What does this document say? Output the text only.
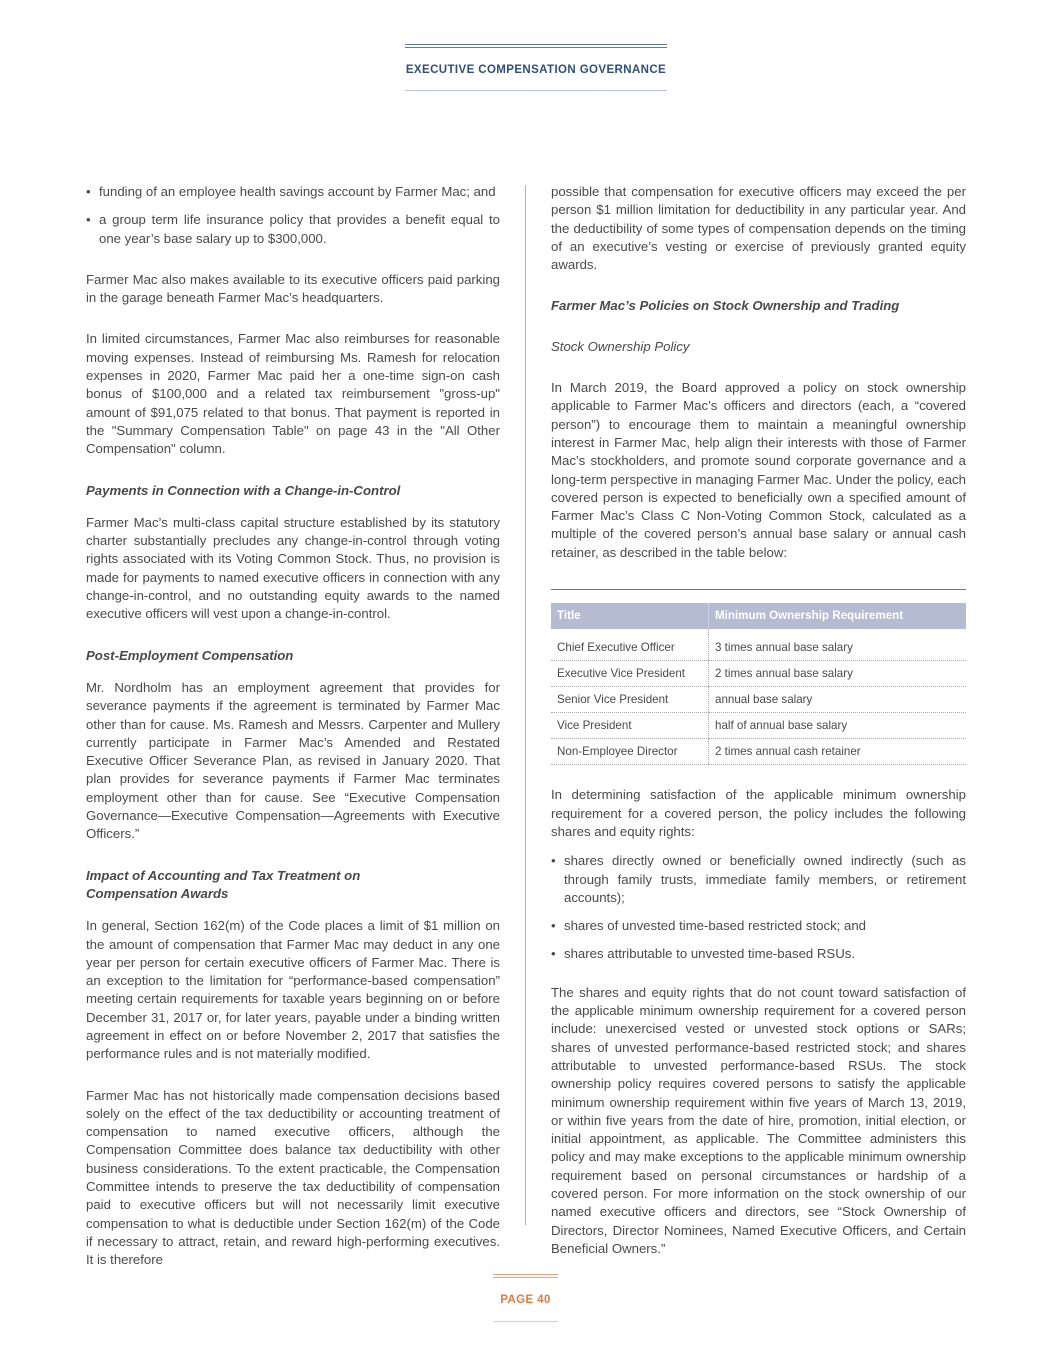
EXECUTIVE COMPENSATION GOVERNANCE
• funding of an employee health savings account by Farmer Mac; and
• a group term life insurance policy that provides a benefit equal to one year’s base salary up to $300,000.

Farmer Mac also makes available to its executive officers paid parking in the garage beneath Farmer Mac’s headquarters.

In limited circumstances, Farmer Mac also reimburses for reasonable moving expenses. Instead of reimbursing Ms. Ramesh for relocation expenses in 2020, Farmer Mac paid her a one-time sign-on cash bonus of $100,000 and a related tax reimbursement "gross-up" amount of $91,075 related to that bonus. That payment is reported in the "Summary Compensation Table" on page 43 in the "All Other Compensation" column.

Payments in Connection with a Change-in-Control

Farmer Mac’s multi-class capital structure established by its statutory charter substantially precludes any change-in-control through voting rights associated with its Voting Common Stock. Thus, no provision is made for payments to named executive officers in connection with any change-in-control, and no outstanding equity awards to the named executive officers will vest upon a change-in-control.

Post-Employment Compensation

Mr. Nordholm has an employment agreement that provides for severance payments if the agreement is terminated by Farmer Mac other than for cause. Ms. Ramesh and Messrs. Carpenter and Mullery currently participate in Farmer Mac’s Amended and Restated Executive Officer Severance Plan, as revised in January 2020. That plan provides for severance payments if Farmer Mac terminates employment other than for cause. See “Executive Compensation Governance—Executive Compensation—Agreements with Executive Officers.”

Impact of Accounting and Tax Treatment on
Compensation Awards

In general, Section 162(m) of the Code places a limit of $1 million on the amount of compensation that Farmer Mac may deduct in any one year per person for certain executive officers of Farmer Mac. There is an exception to the limitation for “performance-based compensation” meeting certain requirements for taxable years beginning on or before December 31, 2017 or, for later years, payable under a binding written agreement in effect on or before November 2, 2017 that satisfies the performance rules and is not materially modified.

Farmer Mac has not historically made compensation decisions based solely on the effect of the tax deductibility or accounting treatment of compensation to named executive officers, although the Compensation Committee does balance tax deductibility with other business considerations. To the extent practicable, the Compensation Committee intends to preserve the tax deductibility of compensation paid to executive officers but will not necessarily limit executive compensation to what is deductible under Section 162(m) of the Code if necessary to attract, retain, and reward high-performing executives. It is therefore

possible that compensation for executive officers may exceed the per person $1 million limitation for deductibility in any particular year. And the deductibility of some types of compensation depends on the timing of an executive’s vesting or exercise of previously granted equity awards.

Farmer Mac’s Policies on Stock Ownership and Trading
Stock Ownership Policy

In March 2019, the Board approved a policy on stock ownership applicable to Farmer Mac’s officers and directors (each, a “covered person”) to encourage them to maintain a meaningful ownership interest in Farmer Mac, help align their interests with those of Farmer Mac’s stockholders, and promote sound corporate governance and a long-term perspective in managing Farmer Mac. Under the policy, each covered person is expected to beneficially own a specified amount of Farmer Mac’s Class C Non-Voting Common Stock, calculated as a multiple of the covered person’s annual base salary or annual cash retainer, as described in the table below:

Title	Minimum Ownership Requirement

Chief Executive Officer	3 times annual base salary
Executive Vice President	2 times annual base salary
Senior Vice President	annual base salary
Vice President	half of annual base salary
Non-Employee Director	2 times annual cash retainer

In determining satisfaction of the applicable minimum ownership requirement for a covered person, the policy includes the following shares and equity rights:

• shares directly owned or beneficially owned indirectly (such as through family trusts, immediate family members, or retirement accounts);
• shares of unvested time-based restricted stock; and
• shares attributable to unvested time-based RSUs.

The shares and equity rights that do not count toward satisfaction of the applicable minimum ownership requirement for a covered person include: unexercised vested or unvested stock options or SARs; shares of unvested performance-based restricted stock; and shares attributable to unvested performance-based RSUs. The stock ownership policy requires covered persons to satisfy the applicable minimum ownership requirement within five years of March 13, 2019, or within five years from the date of hire, promotion, initial election, or initial appointment, as applicable. The Committee administers this policy and may make exceptions to the applicable minimum ownership requirement based on personal circumstances or hardship of a covered person. For more information on the stock ownership of our named executive officers and directors, see “Stock Ownership of Directors, Director Nominees, Named Executive Officers, and Certain Beneficial Owners.”

PAGE 40
